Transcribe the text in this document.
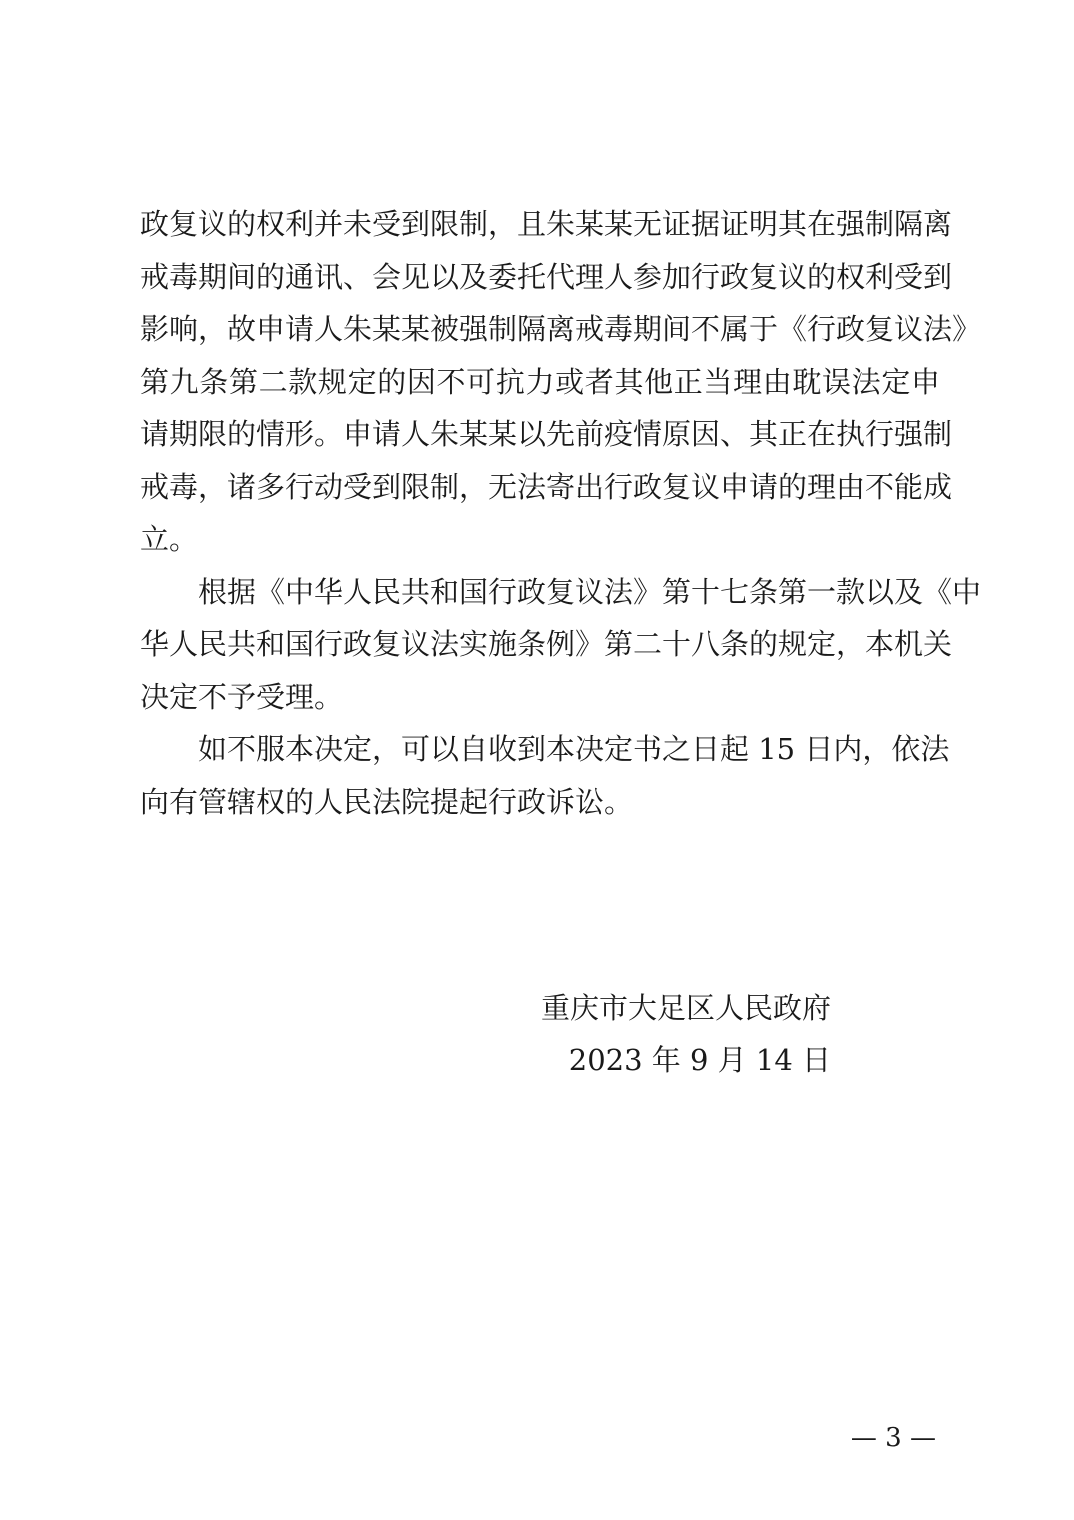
政复议的权利并未受到限制，且朱某某无证据证明其在强制隔离
戒毒期间的通讯、会见以及委托代理人参加行政复议的权利受到
影响，故申请人朱某某被强制隔离戒毒期间不属于《行政复议法》
第九条第二款规定的因不可抗力或者其他正当理由耽误法定申
请期限的情形。申请人朱某某以先前疫情原因、其正在执行强制
戒毒，诸多行动受到限制，无法寄出行政复议申请的理由不能成
立。

根据《中华人民共和国行政复议法》第十七条第一款以及《中
华人民共和国行政复议法实施条例》第二十八条的规定，本机关
决定不予受理。

如不服本决定，可以自收到本决定书之日起 15 日内，依法
向有管辖权的人民法院提起行政诉讼。

重庆市大足区人民政府
2023 年 9 月 14 日
— 3 —
